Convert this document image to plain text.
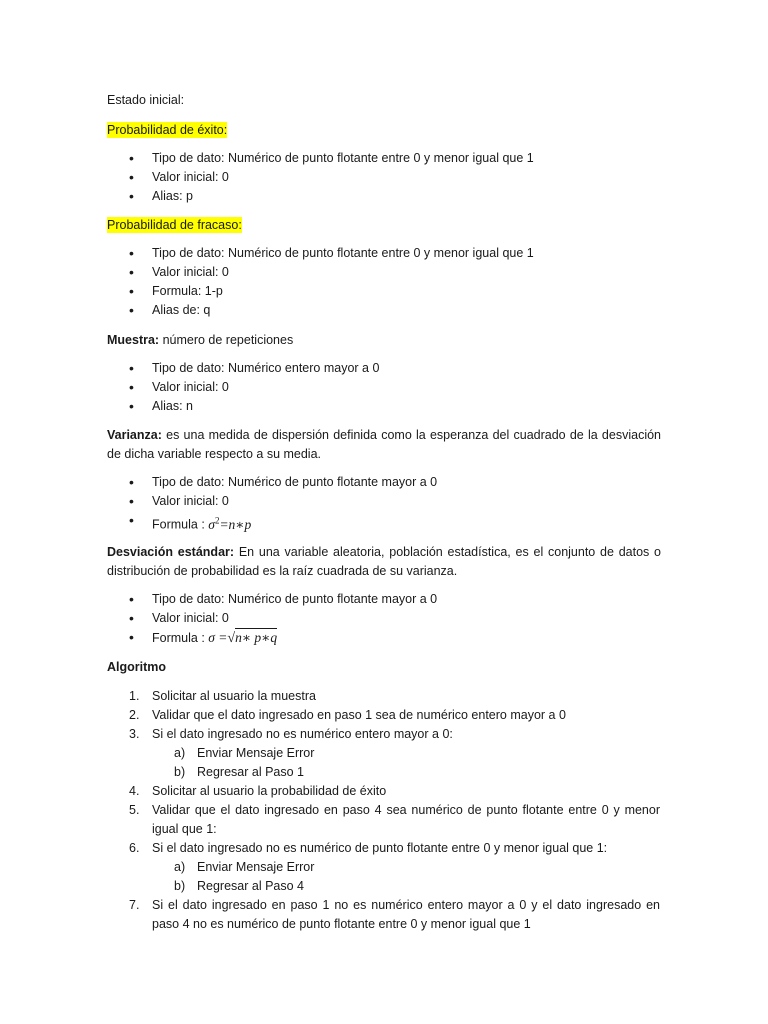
Estado inicial:

Probabilidad de éxito:

• Tipo de dato: Numérico de punto flotante entre 0 y menor igual que 1
• Valor inicial: 0
• Alias: p

Probabilidad de fracaso:

• Tipo de dato: Numérico de punto flotante entre 0 y menor igual que 1
• Valor inicial: 0
• Formula: 1-p
• Alias de: q

Muestra: número de repeticiones

• Tipo de dato: Numérico entero mayor a 0
• Valor inicial: 0
• Alias: n

Varianza: es una medida de dispersión definida como la esperanza del cuadrado de la desviación de dicha variable respecto a su media.

• Tipo de dato: Numérico de punto flotante mayor a 0
• Valor inicial: 0
• Formula : $\sigma^2=n∗p$

Desviación estándar: En una variable aleatoria, población estadística, es el conjunto de datos o distribución de probabilidad es la raíz cuadrada de su varianza.

• Tipo de dato: Numérico de punto flotante mayor a 0
• Valor inicial: 0
• Formula : σ =√n∗ p∗q

Algoritmo

1.	Solicitar al usuario la muestra
2.	Validar que el dato ingresado en paso 1 sea de numérico entero mayor a 0
3.	Si el dato ingresado no es numérico entero mayor a 0:
a) Enviar Mensaje Error
b) Regresar al Paso 1
4.	Solicitar al usuario la probabilidad de éxito
5.	Validar que el dato ingresado en paso 4 sea numérico de punto flotante entre 0 y menor igual que 1:
6.	Si el dato ingresado no es numérico de punto flotante entre 0 y menor igual que 1:
a) Enviar Mensaje Error
b) Regresar al Paso 4
7.	Si el dato ingresado en paso 1 no es numérico entero mayor a 0 y el dato ingresado en paso 4 no es numérico de punto flotante entre 0 y menor igual que 1
